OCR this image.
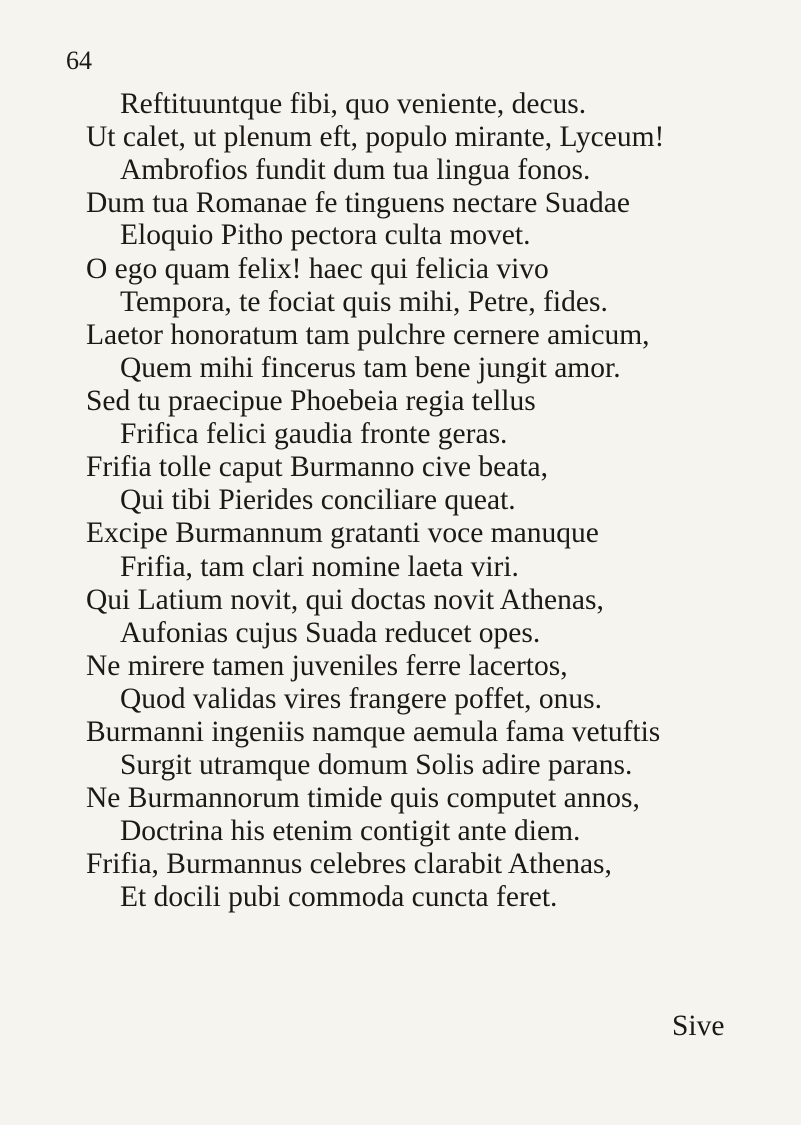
64
Reftituuntque fibi, quo veniente, decus.
Ut calet, ut plenum eft, populo mirante, Lyceum!
Ambrofios fundit dum tua lingua fonos.
Dum tua Romanae fe tinguens nectare Suadae
Eloquio Pitho pectora culta movet.
O ego quam felix! haec qui felicia vivo
Tempora, te fociat quis mihi, Petre, fides.
Laetor honoratum tam pulchre cernere amicum,
Quem mihi fincerus tam bene jungit amor.
Sed tu praecipue Phoebeia regia tellus
Frifica felici gaudia fronte geras.
Frifia tolle caput Burmanno cive beata,
Qui tibi Pierides conciliare queat.
Excipe Burmannum gratanti voce manuque
Frifia, tam clari nomine laeta viri.
Qui Latium novit, qui doctas novit Athenas,
Aufonias cujus Suada reducet opes.
Ne mirere tamen juveniles ferre lacertos,
Quod validas vires frangere poffet, onus.
Burmanni ingeniis namque aemula fama vetuftis
Surgit utramque domum Solis adire parans.
Ne Burmannorum timide quis computet annos,
Doctrina his etenim contigit ante diem.
Frifia, Burmannus celebres clarabit Athenas,
Et docili pubi commoda cuncta feret.
Sive
